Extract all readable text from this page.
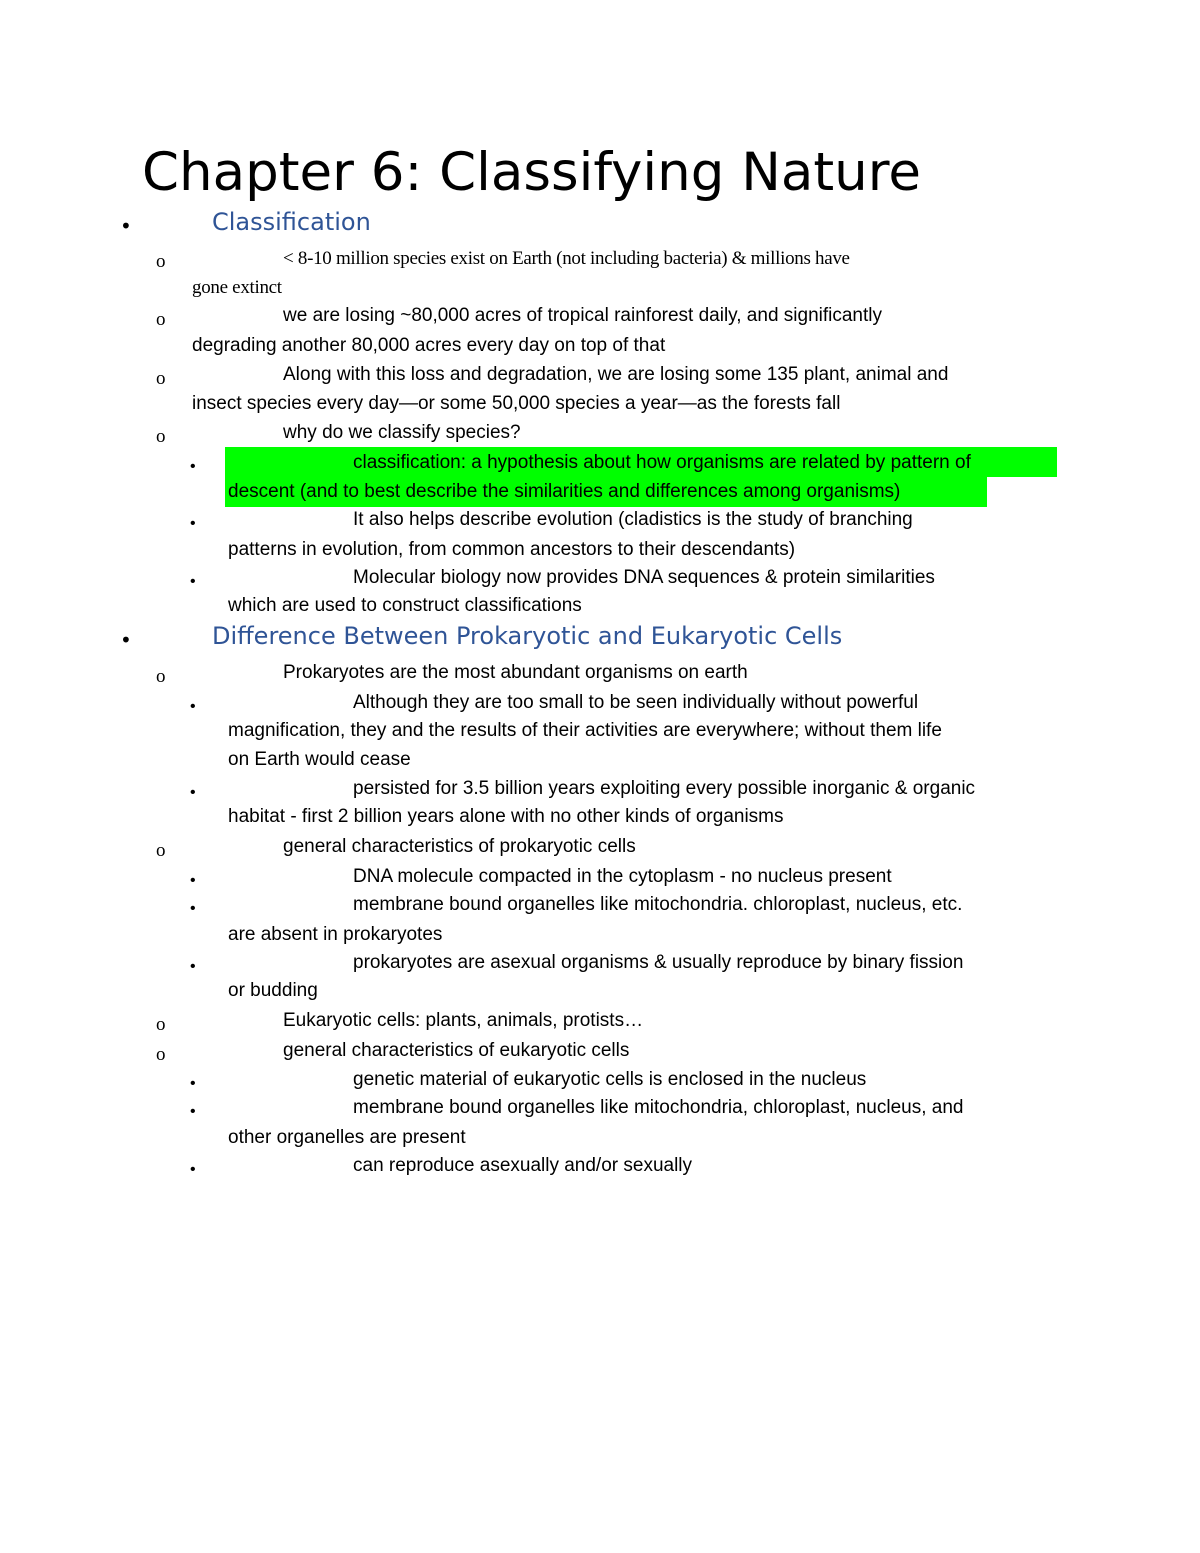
Chapter 6: Classifying Nature
•	Classification
o	< 8-10 million species exist on Earth (not including bacteria) & millions have
gone extinct
o	we are losing ~80,000 acres of tropical rainforest daily, and significantly
degrading another 80,000 acres every day on top of that
o	Along with this loss and degradation, we are losing some 135 plant, animal and
insect species every day—or some 50,000 species a year—as the forests fall
o	why do we classify species?
•	classification: a hypothesis about how organisms are related by pattern of
descent (and to best describe the similarities and differences among organisms)
•	It also helps describe evolution (cladistics is the study of branching
patterns in evolution, from common ancestors to their descendants)
•	Molecular biology now provides DNA sequences & protein similarities
which are used to construct classifications
•	Difference Between Prokaryotic and Eukaryotic Cells
o	Prokaryotes are the most abundant organisms on earth
•	Although they are too small to be seen individually without powerful
magnification, they and the results of their activities are everywhere; without them life
on Earth would cease
•	persisted for 3.5 billion years exploiting every possible inorganic & organic
habitat - first 2 billion years alone with no other kinds of organisms
o	general characteristics of prokaryotic cells
•	DNA molecule compacted in the cytoplasm - no nucleus present
•	membrane bound organelles like mitochondria. chloroplast, nucleus, etc.
are absent in prokaryotes
•	prokaryotes are asexual organisms & usually reproduce by binary fission
or budding
o	Eukaryotic cells: plants, animals, protists…
o	general characteristics of eukaryotic cells
•	genetic material of eukaryotic cells is enclosed in the nucleus
•	membrane bound organelles like mitochondria, chloroplast, nucleus, and
other organelles are present
•	can reproduce asexually and/or sexually
